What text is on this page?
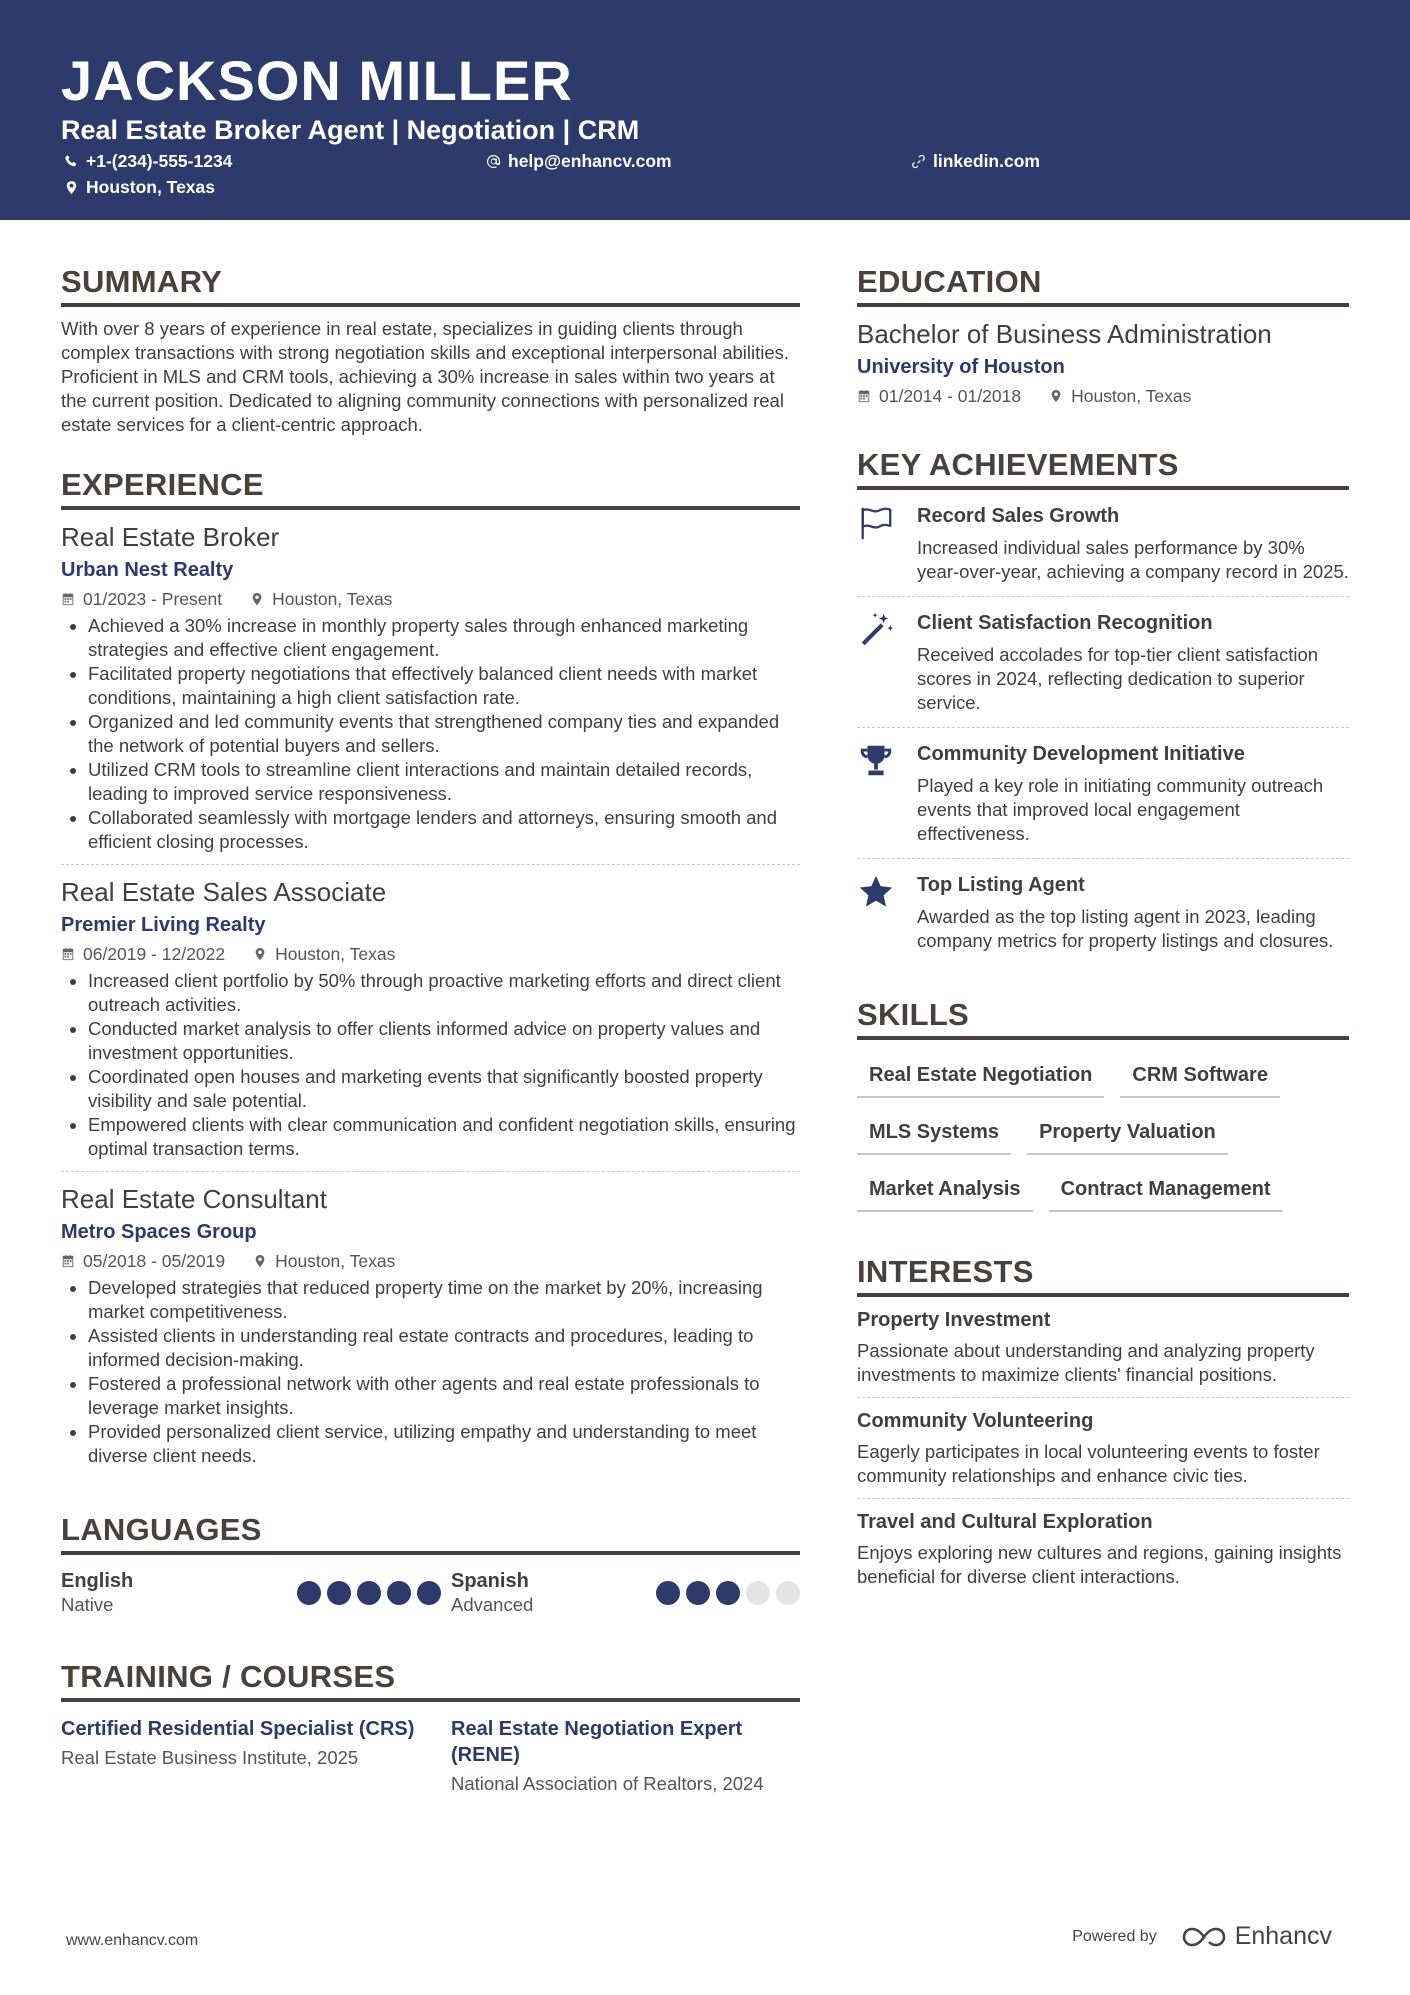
JACKSON MILLER
Real Estate Broker Agent | Negotiation | CRM
+1-(234)-555-1234	help@enhancv.com	linkedin.com
Houston, Texas
SUMMARY
With over 8 years of experience in real estate, specializes in guiding clients through complex transactions with strong negotiation skills and exceptional interpersonal abilities. Proficient in MLS and CRM tools, achieving a 30% increase in sales within two years at the current position. Dedicated to aligning community connections with personalized real estate services for a client-centric approach.
EXPERIENCE
Real Estate Broker
Urban Nest Realty
01/2023 - Present	Houston, Texas
Achieved a 30% increase in monthly property sales through enhanced marketing strategies and effective client engagement.
Facilitated property negotiations that effectively balanced client needs with market conditions, maintaining a high client satisfaction rate.
Organized and led community events that strengthened company ties and expanded the network of potential buyers and sellers.
Utilized CRM tools to streamline client interactions and maintain detailed records, leading to improved service responsiveness.
Collaborated seamlessly with mortgage lenders and attorneys, ensuring smooth and efficient closing processes.
Real Estate Sales Associate
Premier Living Realty
06/2019 - 12/2022	Houston, Texas
Increased client portfolio by 50% through proactive marketing efforts and direct client outreach activities.
Conducted market analysis to offer clients informed advice on property values and investment opportunities.
Coordinated open houses and marketing events that significantly boosted property visibility and sale potential.
Empowered clients with clear communication and confident negotiation skills, ensuring optimal transaction terms.
Real Estate Consultant
Metro Spaces Group
05/2018 - 05/2019	Houston, Texas
Developed strategies that reduced property time on the market by 20%, increasing market competitiveness.
Assisted clients in understanding real estate contracts and procedures, leading to informed decision-making.
Fostered a professional network with other agents and real estate professionals to leverage market insights.
Provided personalized client service, utilizing empathy and understanding to meet diverse client needs.
LANGUAGES
English
Native
Spanish
Advanced
TRAINING / COURSES
Certified Residential Specialist (CRS)
Real Estate Business Institute, 2025
Real Estate Negotiation Expert (RENE)
National Association of Realtors, 2024
EDUCATION
Bachelor of Business Administration
University of Houston
01/2014 - 01/2018	Houston, Texas
KEY ACHIEVEMENTS
Record Sales Growth
Increased individual sales performance by 30% year-over-year, achieving a company record in 2025.
Client Satisfaction Recognition
Received accolades for top-tier client satisfaction scores in 2024, reflecting dedication to superior service.
Community Development Initiative
Played a key role in initiating community outreach events that improved local engagement effectiveness.
Top Listing Agent
Awarded as the top listing agent in 2023, leading company metrics for property listings and closures.
SKILLS
Real Estate Negotiation	CRM Software
MLS Systems	Property Valuation
Market Analysis	Contract Management
INTERESTS
Property Investment
Passionate about understanding and analyzing property investments to maximize clients' financial positions.
Community Volunteering
Eagerly participates in local volunteering events to foster community relationships and enhance civic ties.
Travel and Cultural Exploration
Enjoys exploring new cultures and regions, gaining insights beneficial for diverse client interactions.
www.enhancv.com	Powered by	Enhancv
